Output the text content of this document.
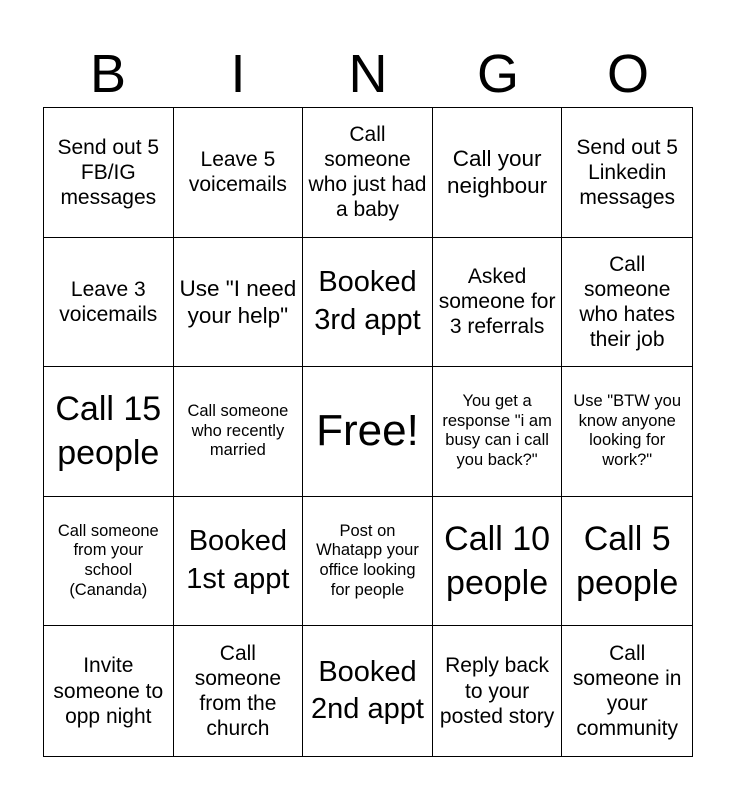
B	I	N	G	O
Send out 5 FB/IG messages
Leave 5 voicemails
Call someone who just had a baby
Call your neighbour
Send out 5 Linkedin messages
Leave 3 voicemails
Use "I need your help"
Booked 3rd appt
Asked someone for 3 referrals
Call someone who hates their job
Call 15 people
Call someone who recently married	Free!
You get a response "i am busy can i call you back?"
Use "BTW you know anyone looking for work?"
Call someone from your school (Cananda)
Booked 1st appt
Post on Whatapp your office looking for people
Call 10 people
Call 5 people
Invite someone to opp night
Call someone from the church
Booked 2nd appt
Reply back to your posted story
Call someone in your community
